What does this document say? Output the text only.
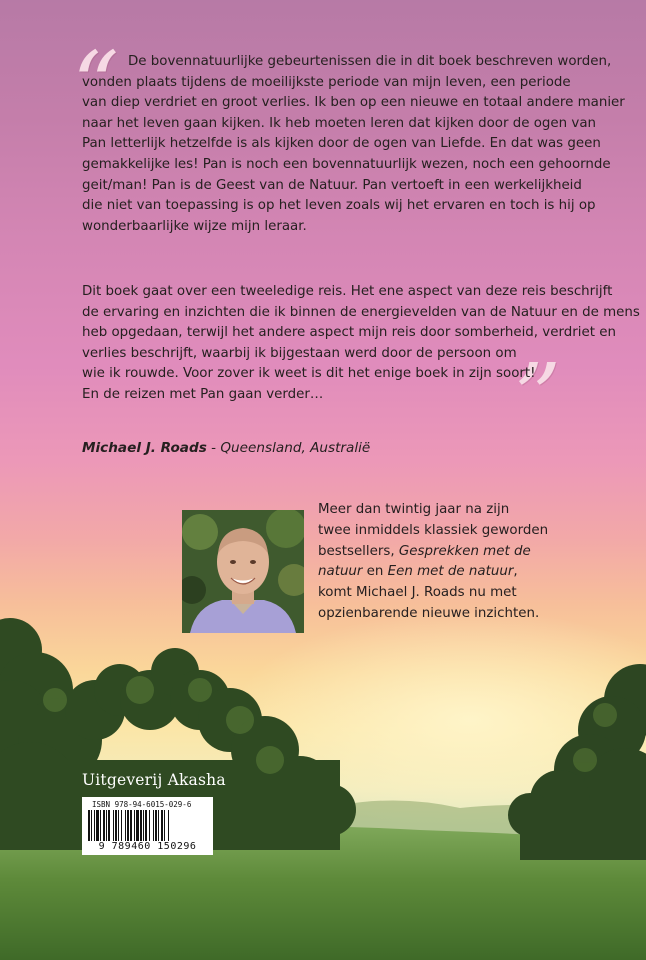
“
”
De bovennatuurlijke gebeurtenissen die in dit boek beschreven worden,
vonden plaats tijdens de moeilijkste periode van mijn leven, een periode
van diep verdriet en groot verlies. Ik ben op een nieuwe en totaal andere manier
naar het leven gaan kijken. Ik heb moeten leren dat kijken door de ogen van
Pan letterlijk hetzelfde is als kijken door de ogen van Liefde. En dat was geen
gemakkelijke les! Pan is noch een bovennatuurlijk wezen, noch een gehoornde
geit/man! Pan is de Geest van de Natuur. Pan vertoeft in een werkelijkheid
die niet van toepassing is op het leven zoals wij het ervaren en toch is hij op
wonderbaarlijke wijze mijn leraar.
Dit boek gaat over een tweeledige reis. Het ene aspect van deze reis beschrijft
de ervaring en inzichten die ik binnen de energievelden van de Natuur en de mens
heb opgedaan, terwijl het andere aspect mijn reis door somberheid, verdriet en
verlies beschrijft, waarbij ik bijgestaan werd door de persoon om
wie ik rouwde. Voor zover ik weet is dit het enige boek in zijn soort!
En de reizen met Pan gaan verder…
Michael J. Roads - Queensland, Australië
Meer dan twintig jaar na zijn
twee inmiddels klassiek geworden
bestsellers, Gesprekken met de
natuur en Een met de natuur,
komt Michael J. Roads nu met
opzienbarende nieuwe inzichten.
Uitgeverij Akasha
ISBN 978-94-6015-029-6
9 789460 150296
